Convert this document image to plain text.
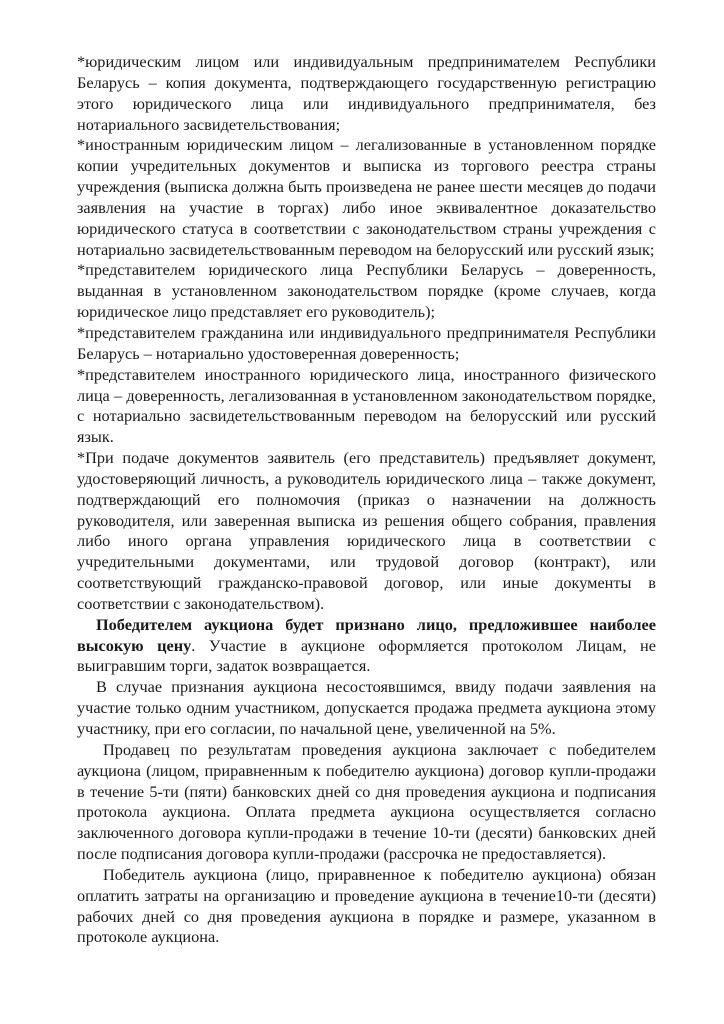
*юридическим лицом или индивидуальным предпринимателем Республики Беларусь – копия документа, подтверждающего государственную регистрацию этого юридического лица или индивидуального предпринимателя, без нотариального засвидетельствования;

*иностранным юридическим лицом – легализованные в установленном порядке копии учредительных документов и выписка из торгового реестра страны учреждения (выписка должна быть произведена не ранее шести месяцев до подачи заявления на участие в торгах) либо иное эквивалентное доказательство юридического статуса в соответствии с законодательством страны учреждения с нотариально засвидетельствованным переводом на белорусский или русский язык;

*представителем юридического лица Республики Беларусь – доверенность, выданная в установленном законодательством порядке (кроме случаев, когда юридическое лицо представляет его руководитель);

*представителем гражданина или индивидуального предпринимателя Республики Беларусь – нотариально удостоверенная доверенность;

*представителем иностранного юридического лица, иностранного физического лица – доверенность, легализованная в установленном законодательством порядке, с нотариально засвидетельствованным переводом на белорусский или русский язык.

*При подаче документов заявитель (его представитель) предъявляет документ, удостоверяющий личность, а руководитель юридического лица – также документ, подтверждающий его полномочия (приказ о назначении на должность руководителя, или заверенная выписка из решения общего собрания, правления либо иного органа управления юридического лица в соответствии с учредительными документами, или трудовой договор (контракт), или соответствующий гражданско-правовой договор, или иные документы в соответствии с законодательством).

Победителем аукциона будет признано лицо, предложившее наиболее высокую цену. Участие в аукционе оформляется протоколом Лицам, не выигравшим торги, задаток возвращается.

В случае признания аукциона несостоявшимся, ввиду подачи заявления на участие только одним участником, допускается продажа предмета аукциона этому участнику, при его согласии, по начальной цене, увеличенной на 5%.

Продавец по результатам проведения аукциона заключает с победителем аукциона (лицом, приравненным к победителю аукциона) договор купли-продажи в течение 5-ти (пяти) банковских дней со дня проведения аукциона и подписания протокола аукциона. Оплата предмета аукциона осуществляется согласно заключенного договора купли-продажи в течение 10-ти (десяти) банковских дней после подписания договора купли-продажи (рассрочка не предоставляется).

Победитель аукциона (лицо, приравненное к победителю аукциона) обязан оплатить затраты на организацию и проведение аукциона в течение10-ти (десяти) рабочих дней со дня проведения аукциона в порядке и размере, указанном в протоколе аукциона.
